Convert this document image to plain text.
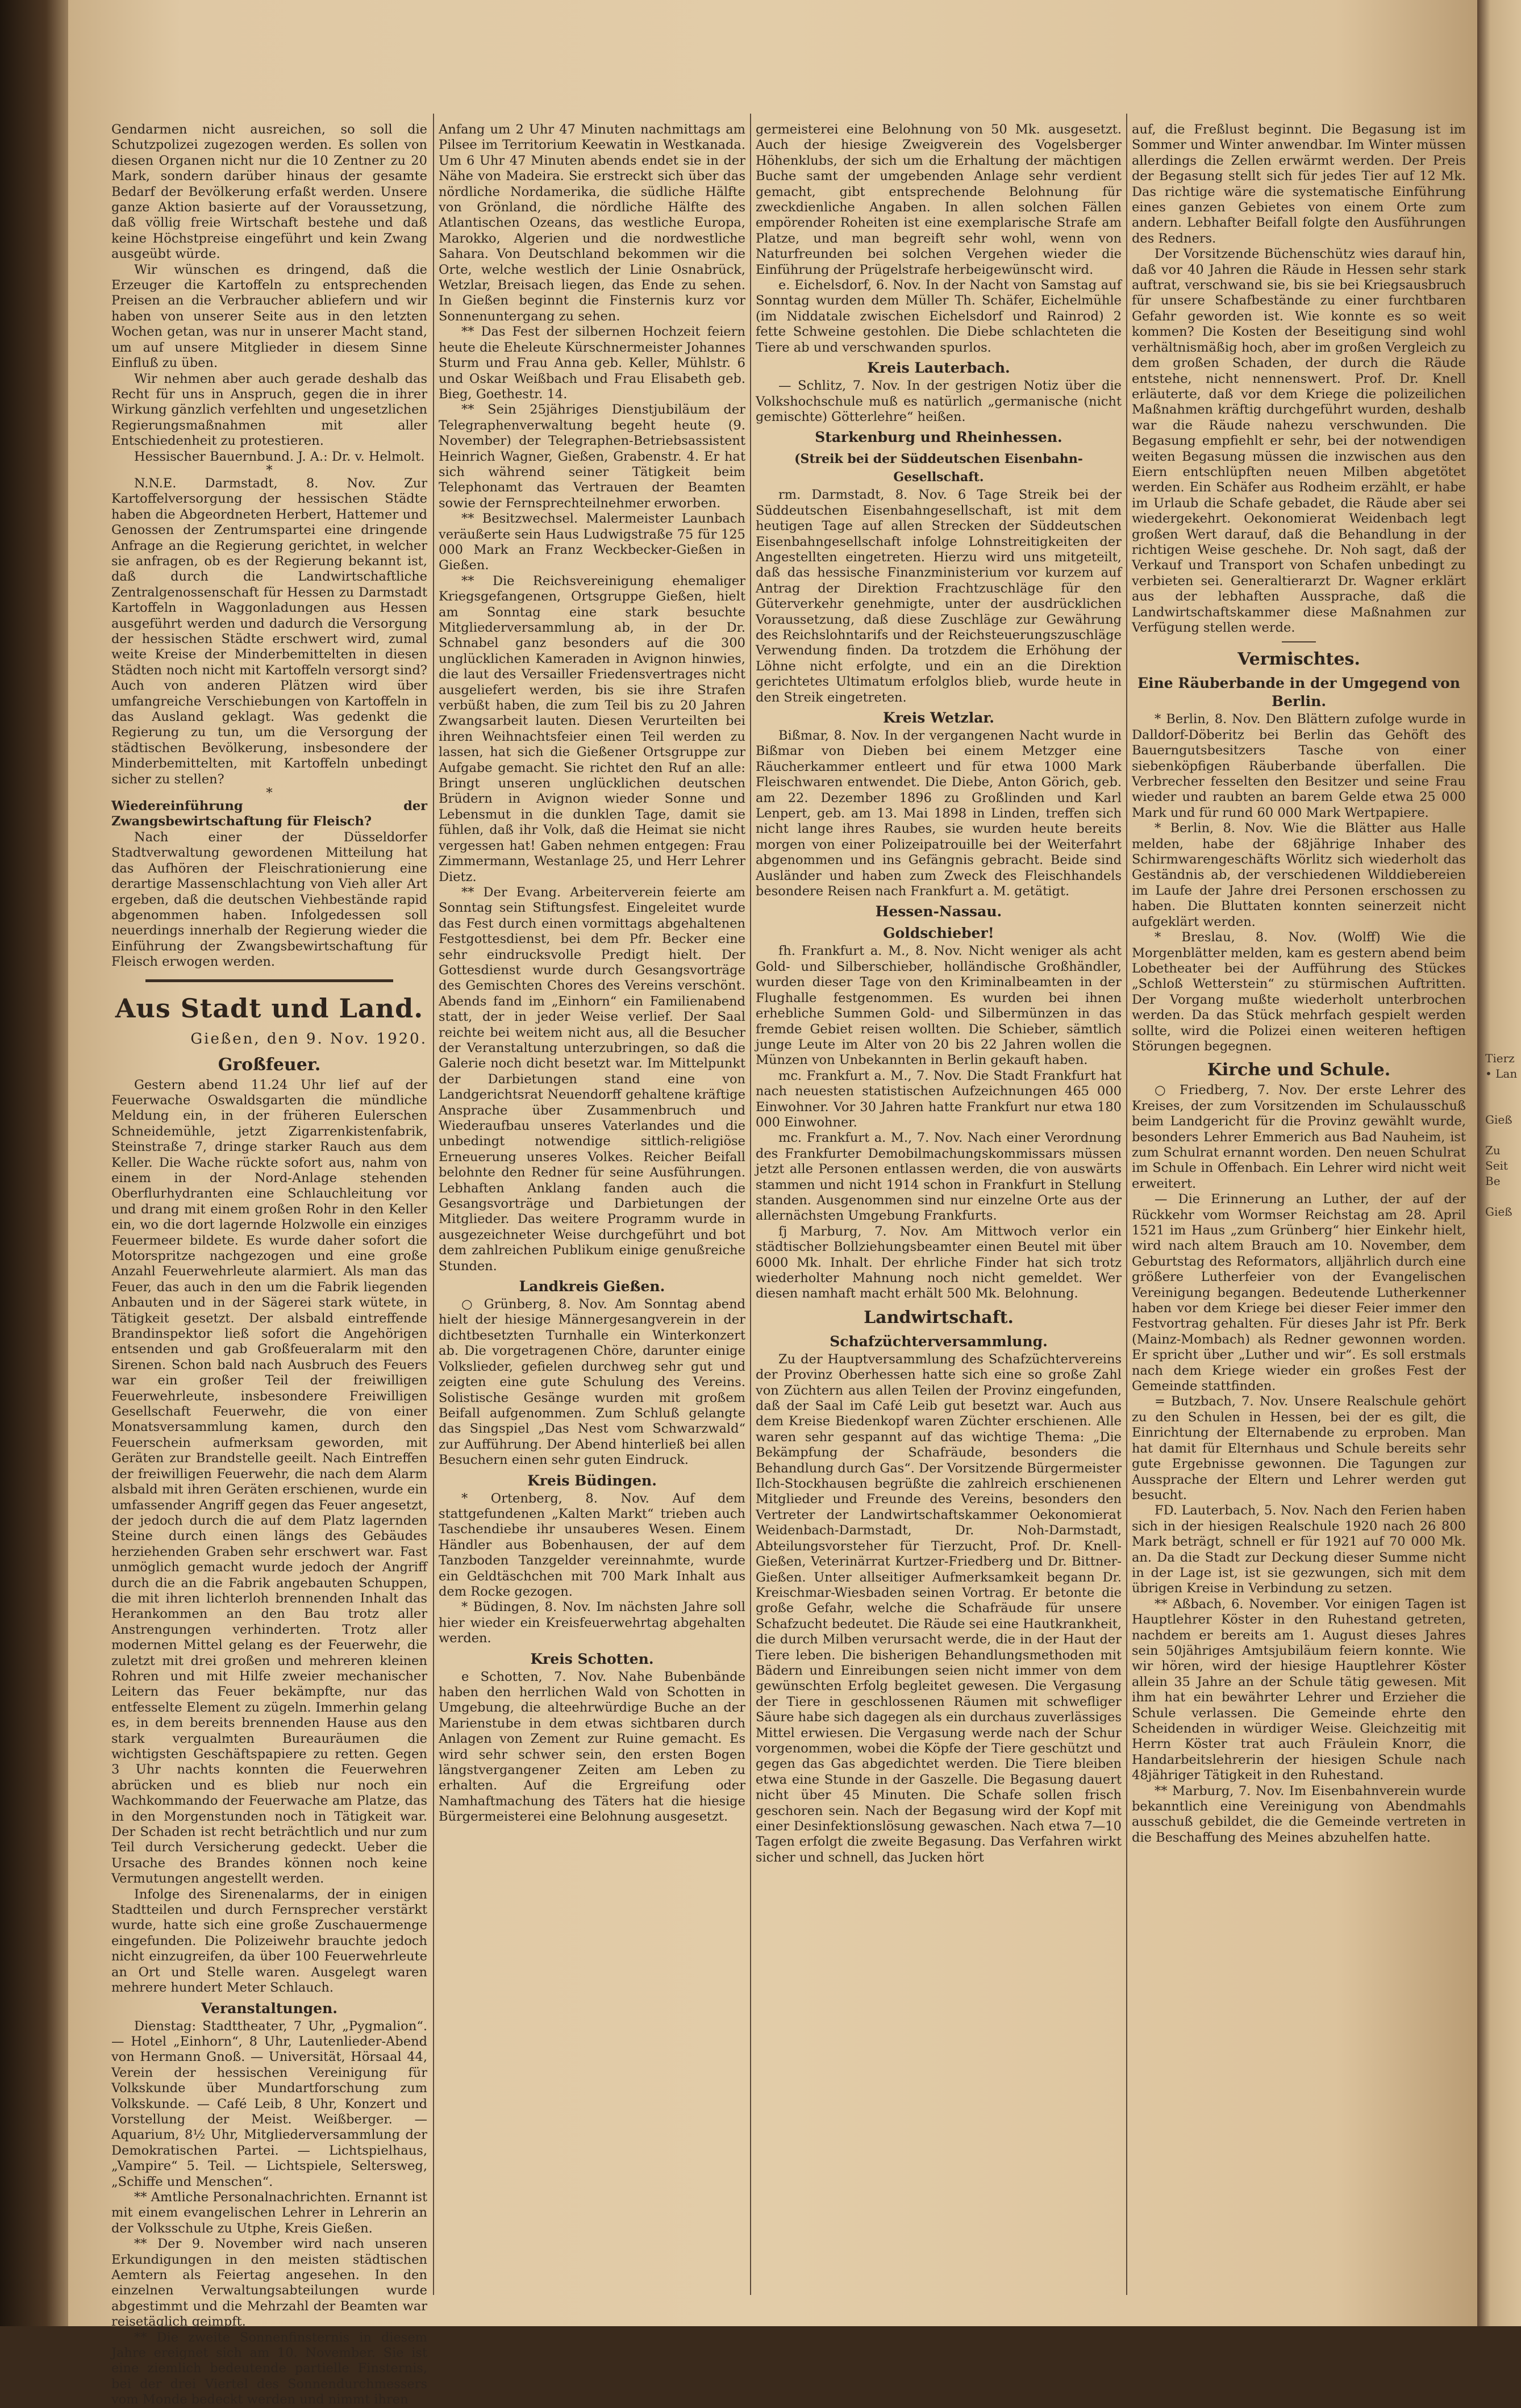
Tierz
• Lan

Gieß

Zu
Seit
Be

Gieß

Gendarmen nicht ausreichen, so soll die Schutzpolizei zugezogen werden. Es sollen von diesen Organen nicht nur die 10 Zentner zu 20 Mark, sondern darüber hinaus der gesamte Bedarf der Bevölkerung erfaßt werden. Unsere ganze Aktion basierte auf der Voraussetzung, daß völlig freie Wirtschaft bestehe und daß keine Höchstpreise eingeführt und kein Zwang ausgeübt würde.

Wir wünschen es dringend, daß die Erzeuger die Kartoffeln zu entsprechenden Preisen an die Verbraucher abliefern und wir haben von unserer Seite aus in den letzten Wochen getan, was nur in unserer Macht stand, um auf unsere Mitglieder in diesem Sinne Einfluß zu üben.

Wir nehmen aber auch gerade deshalb das Recht für uns in Anspruch, gegen die in ihrer Wirkung gänzlich verfehlten und ungesetzlichen Regierungsmaßnahmen mit aller Entschiedenheit zu protestieren.

Hessischer Bauernbund. J. A.: Dr. v. Helmolt.

*

N.N.E. Darmstadt, 8. Nov. Zur Kartoffelversorgung der hessischen Städte haben die Abgeordneten Herbert, Hattemer und Genossen der Zentrumspartei eine dringende Anfrage an die Regierung gerichtet, in welcher sie anfragen, ob es der Regierung bekannt ist, daß durch die Landwirtschaftliche Zentralgenossenschaft für Hessen zu Darmstadt Kartoffeln in Waggonladungen aus Hessen ausgeführt werden und dadurch die Versorgung der hessischen Städte erschwert wird, zumal weite Kreise der Minderbemittelten in diesen Städten noch nicht mit Kartoffeln versorgt sind? Auch von anderen Plätzen wird über umfangreiche Verschiebungen von Kartoffeln in das Ausland geklagt. Was gedenkt die Regierung zu tun, um die Versorgung der städtischen Bevölkerung, insbesondere der Minderbemittelten, mit Kartoffeln unbedingt sicher zu stellen?

*

Wiedereinführung der Zwangsbewirtschaftung für Fleisch?

Nach einer der Düsseldorfer Stadtverwaltung gewordenen Mitteilung hat das Aufhören der Fleischrationierung eine derartige Massenschlachtung von Vieh aller Art ergeben, daß die deutschen Viehbestände rapid abgenommen haben. Infolgedessen soll neuerdings innerhalb der Regierung wieder die Einführung der Zwangsbewirtschaftung für Fleisch erwogen werden.

Aus Stadt und Land.
Gießen, den 9. Nov. 1920.
Großfeuer.

Gestern abend 11.24 Uhr lief auf der Feuerwache Oswaldsgarten die mündliche Meldung ein, in der früheren Eulerschen Schneidemühle, jetzt Zigarrenkistenfabrik, Steinstraße 7, dringe starker Rauch aus dem Keller. Die Wache rückte sofort aus, nahm von einem in der Nord-Anlage stehenden Oberflurhydranten eine Schlauchleitung vor und drang mit einem großen Rohr in den Keller ein, wo die dort lagernde Holzwolle ein einziges Feuermeer bildete. Es wurde daher sofort die Motorspritze nachgezogen und eine große Anzahl Feuerwehrleute alarmiert. Als man das Feuer, das auch in den um die Fabrik liegenden Anbauten und in der Sägerei stark wütete, in Tätigkeit gesetzt. Der alsbald eintreffende Brandinspektor ließ sofort die Angehörigen entsenden und gab Großfeueralarm mit den Sirenen. Schon bald nach Ausbruch des Feuers war ein großer Teil der freiwilligen Feuerwehrleute, insbesondere Freiwilligen Gesellschaft Feuerwehr, die von einer Monatsversammlung kamen, durch den Feuerschein aufmerksam geworden, mit Geräten zur Brandstelle geeilt. Nach Eintreffen der freiwilligen Feuerwehr, die nach dem Alarm alsbald mit ihren Geräten erschienen, wurde ein umfassender Angriff gegen das Feuer angesetzt, der jedoch durch die auf dem Platz lagernden Steine durch einen längs des Gebäudes herziehenden Graben sehr erschwert war. Fast unmöglich gemacht wurde jedoch der Angriff durch die an die Fabrik angebauten Schuppen, die mit ihren lichterloh brennenden Inhalt das Herankommen an den Bau trotz aller Anstrengungen verhinderten. Trotz aller modernen Mittel gelang es der Feuerwehr, die zuletzt mit drei großen und mehreren kleinen Rohren und mit Hilfe zweier mechanischer Leitern das Feuer bekämpfte, nur das entfesselte Element zu zügeln. Immerhin gelang es, in dem bereits brennenden Hause aus den stark vergualmten Bureauräumen die wichtigsten Geschäftspapiere zu retten. Gegen 3 Uhr nachts konnten die Feuerwehren abrücken und es blieb nur noch ein Wachkommando der Feuerwache am Platze, das in den Morgenstunden noch in Tätigkeit war. Der Schaden ist recht beträchtlich und nur zum Teil durch Versicherung gedeckt. Ueber die Ursache des Brandes können noch keine Vermutungen angestellt werden.

Infolge des Sirenenalarms, der in einigen Stadtteilen und durch Fernsprecher verstärkt wurde, hatte sich eine große Zuschauermenge eingefunden. Die Polizeiwehr brauchte jedoch nicht einzugreifen, da über 100 Feuerwehrleute an Ort und Stelle waren. Ausgelegt waren mehrere hundert Meter Schlauch.

Veranstaltungen.

Dienstag: Stadttheater, 7 Uhr, „Pygmalion“. — Hotel „Einhorn“, 8 Uhr, Lautenlieder-Abend von Hermann Gnoß. — Universität, Hörsaal 44, Verein der hessischen Vereinigung für Volkskunde über Mundartforschung zum Volkskunde. — Café Leib, 8 Uhr, Konzert und Vorstellung der Meist. Weißberger. — Aquarium, 8½ Uhr, Mitgliederversammlung der Demokratischen Partei. — Lichtspielhaus, „Vampire“ 5. Teil. — Lichtspiele, Seltersweg, „Schiffe und Menschen“.

** Amtliche Personalnachrichten. Ernannt ist mit einem evangelischen Lehrer in Lehrerin an der Volksschule zu Utphe, Kreis Gießen.

** Der 9. November wird nach unseren Erkundigungen in den meisten städtischen Aemtern als Feiertag angesehen. In den einzelnen Verwaltungsabteilungen wurde abgestimmt und die Mehrzahl der Beamten war reisetäglich geimpft.

** Die zweite Sonnenfinsternis in diesem Jahre ereignet sich am 10. November. Sie ist eine ziemlich bedeutende partielle Finsternis, bei der drei Viertel des Sonnendurchmessers vom Monde bedeckt werden und nimmt ihren

Anfang um 2 Uhr 47 Minuten nachmittags am Pilsee im Territorium Keewatin in Westkanada. Um 6 Uhr 47 Minuten abends endet sie in der Nähe von Madeira. Sie erstreckt sich über das nördliche Nordamerika, die südliche Hälfte von Grönland, die nördliche Hälfte des Atlantischen Ozeans, das westliche Europa, Marokko, Algerien und die nordwestliche Sahara. Von Deutschland bekommen wir die Orte, welche westlich der Linie Osnabrück, Wetzlar, Breisach liegen, das Ende zu sehen. In Gießen beginnt die Finsternis kurz vor Sonnenuntergang zu sehen.

** Das Fest der silbernen Hochzeit feiern heute die Eheleute Kürschnermeister Johannes Sturm und Frau Anna geb. Keller, Mühlstr. 6 und Oskar Weißbach und Frau Elisabeth geb. Bieg, Goethestr. 14.

** Sein 25jähriges Dienstjubiläum der Telegraphenverwaltung begeht heute (9. November) der Telegraphen-Betriebsassistent Heinrich Wagner, Gießen, Grabenstr. 4. Er hat sich während seiner Tätigkeit beim Telephonamt das Vertrauen der Beamten sowie der Fernsprechteilnehmer erworben.

** Besitzwechsel. Malermeister Launbach veräußerte sein Haus Ludwigstraße 75 für 125 000 Mark an Franz Weckbecker-Gießen in Gießen.

** Die Reichsvereinigung ehemaliger Kriegsgefangenen, Ortsgruppe Gießen, hielt am Sonntag eine stark besuchte Mitgliederversammlung ab, in der Dr. Schnabel ganz besonders auf die 300 unglücklichen Kameraden in Avignon hinwies, die laut des Versailler Friedensvertrages nicht ausgeliefert werden, bis sie ihre Strafen verbüßt haben, die zum Teil bis zu 20 Jahren Zwangsarbeit lauten. Diesen Verurteilten bei ihren Weihnachtsfeier einen Teil werden zu lassen, hat sich die Gießener Ortsgruppe zur Aufgabe gemacht. Sie richtet den Ruf an alle: Bringt unseren unglücklichen deutschen Brüdern in Avignon wieder Sonne und Lebensmut in die dunklen Tage, damit sie fühlen, daß ihr Volk, daß die Heimat sie nicht vergessen hat! Gaben nehmen entgegen: Frau Zimmermann, Westanlage 25, und Herr Lehrer Dietz.

** Der Evang. Arbeiterverein feierte am Sonntag sein Stiftungsfest. Eingeleitet wurde das Fest durch einen vormittags abgehaltenen Festgottesdienst, bei dem Pfr. Becker eine sehr eindrucksvolle Predigt hielt. Der Gottesdienst wurde durch Gesangsvorträge des Gemischten Chores des Vereins verschönt. Abends fand im „Einhorn“ ein Familienabend statt, der in jeder Weise verlief. Der Saal reichte bei weitem nicht aus, all die Besucher der Veranstaltung unterzubringen, so daß die Galerie noch dicht besetzt war. Im Mittelpunkt der Darbietungen stand eine von Landgerichtsrat Neuendorff gehaltene kräftige Ansprache über Zusammenbruch und Wiederaufbau unseres Vaterlandes und die unbedingt notwendige sittlich-religiöse Erneuerung unseres Volkes. Reicher Beifall belohnte den Redner für seine Ausführungen. Lebhaften Anklang fanden auch die Gesangsvorträge und Darbietungen der Mitglieder. Das weitere Programm wurde in ausgezeichneter Weise durchgeführt und bot dem zahlreichen Publikum einige genußreiche Stunden.

Landkreis Gießen.

○ Grünberg, 8. Nov. Am Sonntag abend hielt der hiesige Männergesangverein in der dichtbesetzten Turnhalle ein Winterkonzert ab. Die vorgetragenen Chöre, darunter einige Volkslieder, gefielen durchweg sehr gut und zeigten eine gute Schulung des Vereins. Solistische Gesänge wurden mit großem Beifall aufgenommen. Zum Schluß gelangte das Singspiel „Das Nest vom Schwarzwald“ zur Aufführung. Der Abend hinterließ bei allen Besuchern einen sehr guten Eindruck.

Kreis Büdingen.

* Ortenberg, 8. Nov. Auf dem stattgefundenen „Kalten Markt“ trieben auch Taschendiebe ihr unsauberes Wesen. Einem Händler aus Bobenhausen, der auf dem Tanzboden Tanzgelder vereinnahmte, wurde ein Geldtäschchen mit 700 Mark Inhalt aus dem Rocke gezogen.

* Büdingen, 8. Nov. Im nächsten Jahre soll hier wieder ein Kreisfeuerwehrtag abgehalten werden.

Kreis Schotten.

e Schotten, 7. Nov. Nahe Bubenbände haben den herrlichen Wald von Schotten in Umgebung, die alteehrwürdige Buche an der Marienstube in dem etwas sichtbaren durch Anlagen von Zement zur Ruine gemacht. Es wird sehr schwer sein, den ersten Bogen längstvergangener Zeiten am Leben zu erhalten. Auf die Ergreifung oder Namhaftmachung des Täters hat die hiesige Bürgermeisterei eine Belohnung ausgesetzt.

germeisterei eine Belohnung von 50 Mk. ausgesetzt. Auch der hiesige Zweigverein des Vogelsberger Höhenklubs, der sich um die Erhaltung der mächtigen Buche samt der umgebenden Anlage sehr verdient gemacht, gibt entsprechende Belohnung für zweckdienliche Angaben. In allen solchen Fällen empörender Roheiten ist eine exemplarische Strafe am Platze, und man begreift sehr wohl, wenn von Naturfreunden bei solchen Vergehen wieder die Einführung der Prügelstrafe herbeigewünscht wird.

e. Eichelsdorf, 6. Nov. In der Nacht von Samstag auf Sonntag wurden dem Müller Th. Schäfer, Eichelmühle (im Niddatale zwischen Eichelsdorf und Rainrod) 2 fette Schweine gestohlen. Die Diebe schlachteten die Tiere ab und verschwanden spurlos.

Kreis Lauterbach.

— Schlitz, 7. Nov. In der gestrigen Notiz über die Volkshochschule muß es natürlich „germanische (nicht gemischte) Götterlehre“ heißen.

Starkenburg und Rheinhessen.
(Streik bei der Süddeutschen Eisenbahn-Gesellschaft.

rm. Darmstadt, 8. Nov. 6 Tage Streik bei der Süddeutschen Eisenbahngesellschaft, ist mit dem heutigen Tage auf allen Strecken der Süddeutschen Eisenbahngesellschaft infolge Lohnstreitigkeiten der Angestellten eingetreten. Hierzu wird uns mitgeteilt, daß das hessische Finanzministerium vor kurzem auf Antrag der Direktion Frachtzuschläge für den Güterverkehr genehmigte, unter der ausdrücklichen Voraussetzung, daß diese Zuschläge zur Gewährung des Reichslohntarifs und der Reichsteuerungszuschläge Verwendung finden. Da trotzdem die Erhöhung der Löhne nicht erfolgte, und ein an die Direktion gerichtetes Ultimatum erfolglos blieb, wurde heute in den Streik eingetreten.

Kreis Wetzlar.

Bißmar, 8. Nov. In der vergangenen Nacht wurde in Bißmar von Dieben bei einem Metzger eine Räucherkammer entleert und für etwa 1000 Mark Fleischwaren entwendet. Die Diebe, Anton Görich, geb. am 22. Dezember 1896 zu Großlinden und Karl Lenpert, geb. am 13. Mai 1898 in Linden, treffen sich nicht lange ihres Raubes, sie wurden heute bereits morgen von einer Polizeipatrouille bei der Weiterfahrt abgenommen und ins Gefängnis gebracht. Beide sind Ausländer und haben zum Zweck des Fleischhandels besondere Reisen nach Frankfurt a. M. getätigt.

Hessen-Nassau.
Goldschieber!

fh. Frankfurt a. M., 8. Nov. Nicht weniger als acht Gold- und Silberschieber, holländische Großhändler, wurden dieser Tage von den Kriminalbeamten in der Flughalle festgenommen. Es wurden bei ihnen erhebliche Summen Gold- und Silbermünzen in das fremde Gebiet reisen wollten. Die Schieber, sämtlich junge Leute im Alter von 20 bis 22 Jahren wollen die Münzen von Unbekannten in Berlin gekauft haben.

mc. Frankfurt a. M., 7. Nov. Die Stadt Frankfurt hat nach neuesten statistischen Aufzeichnungen 465 000 Einwohner. Vor 30 Jahren hatte Frankfurt nur etwa 180 000 Einwohner.

mc. Frankfurt a. M., 7. Nov. Nach einer Verordnung des Frankfurter Demobilmachungskommissars müssen jetzt alle Personen entlassen werden, die von auswärts stammen und nicht 1914 schon in Frankfurt in Stellung standen. Ausgenommen sind nur einzelne Orte aus der allernächsten Umgebung Frankfurts.

fj Marburg, 7. Nov. Am Mittwoch verlor ein städtischer Bollziehungsbeamter einen Beutel mit über 6000 Mk. Inhalt. Der ehrliche Finder hat sich trotz wiederholter Mahnung noch nicht gemeldet. Wer diesen namhaft macht erhält 500 Mk. Belohnung.

Landwirtschaft.
Schafzüchterversammlung.

Zu der Hauptversammlung des Schafzüchtervereins der Provinz Oberhessen hatte sich eine so große Zahl von Züchtern aus allen Teilen der Provinz eingefunden, daß der Saal im Café Leib gut besetzt war. Auch aus dem Kreise Biedenkopf waren Züchter erschienen. Alle waren sehr gespannt auf das wichtige Thema: „Die Bekämpfung der Schafräude, besonders die Behandlung durch Gas“. Der Vorsitzende Bürgermeister Ilch-Stockhausen begrüßte die zahlreich erschienenen Mitglieder und Freunde des Vereins, besonders den Vertreter der Landwirtschaftskammer Oekonomierat Weidenbach-Darmstadt, Dr. Noh-Darmstadt, Abteilungsvorsteher für Tierzucht, Prof. Dr. Knell-Gießen, Veterinärrat Kurtzer-Friedberg und Dr. Bittner-Gießen. Unter allseitiger Aufmerksamkeit begann Dr. Kreischmar-Wiesbaden seinen Vortrag. Er betonte die große Gefahr, welche die Schafräude für unsere Schafzucht bedeutet. Die Räude sei eine Hautkrankheit, die durch Milben verursacht werde, die in der Haut der Tiere leben. Die bisherigen Behandlungsmethoden mit Bädern und Einreibungen seien nicht immer von dem gewünschten Erfolg begleitet gewesen. Die Vergasung der Tiere in geschlossenen Räumen mit schwefliger Säure habe sich dagegen als ein durchaus zuverlässiges Mittel erwiesen. Die Vergasung werde nach der Schur vorgenommen, wobei die Köpfe der Tiere geschützt und gegen das Gas abgedichtet werden. Die Tiere bleiben etwa eine Stunde in der Gaszelle. Die Begasung dauert nicht über 45 Minuten. Die Schafe sollen frisch geschoren sein. Nach der Begasung wird der Kopf mit einer Desinfektionslösung gewaschen. Nach etwa 7—10 Tagen erfolgt die zweite Begasung. Das Verfahren wirkt sicher und schnell, das Jucken hört

auf, die Freßlust beginnt. Die Begasung ist im Sommer und Winter anwendbar. Im Winter müssen allerdings die Zellen erwärmt werden. Der Preis der Begasung stellt sich für jedes Tier auf 12 Mk. Das richtige wäre die systematische Einführung eines ganzen Gebietes von einem Orte zum andern. Lebhafter Beifall folgte den Ausführungen des Redners.

Der Vorsitzende Büchenschütz wies darauf hin, daß vor 40 Jahren die Räude in Hessen sehr stark auftrat, verschwand sie, bis sie bei Kriegsausbruch für unsere Schafbestände zu einer furchtbaren Gefahr geworden ist. Wie konnte es so weit kommen? Die Kosten der Beseitigung sind wohl verhältnismäßig hoch, aber im großen Vergleich zu dem großen Schaden, der durch die Räude entstehe, nicht nennenswert. Prof. Dr. Knell erläuterte, daß vor dem Kriege die polizeilichen Maßnahmen kräftig durchgeführt wurden, deshalb war die Räude nahezu verschwunden. Die Begasung empfiehlt er sehr, bei der notwendigen weiten Begasung müssen die inzwischen aus den Eiern entschlüpften neuen Milben abgetötet werden. Ein Schäfer aus Rodheim erzählt, er habe im Urlaub die Schafe gebadet, die Räude aber sei wiedergekehrt. Oekonomierat Weidenbach legt großen Wert darauf, daß die Behandlung in der richtigen Weise geschehe. Dr. Noh sagt, daß der Verkauf und Transport von Schafen unbedingt zu verbieten sei. Generaltierarzt Dr. Wagner erklärt aus der lebhaften Aussprache, daß die Landwirtschaftskammer diese Maßnahmen zur Verfügung stellen werde.

Vermischtes.
Eine Räuberbande in der Umgegend von Berlin.

* Berlin, 8. Nov. Den Blättern zufolge wurde in Dalldorf-Döberitz bei Berlin das Gehöft des Bauerngutsbesitzers Tasche von einer siebenköpfigen Räuberbande überfallen. Die Verbrecher fesselten den Besitzer und seine Frau wieder und raubten an barem Gelde etwa 25 000 Mark und für rund 60 000 Mark Wertpapiere.

* Berlin, 8. Nov. Wie die Blätter aus Halle melden, habe der 68jährige Inhaber des Schirmwarengeschäfts Wörlitz sich wiederholt das Geständnis ab, der verschiedenen Wilddiebereien im Laufe der Jahre drei Personen erschossen zu haben. Die Bluttaten konnten seinerzeit nicht aufgeklärt werden.

* Breslau, 8. Nov. (Wolff) Wie die Morgenblätter melden, kam es gestern abend beim Lobetheater bei der Aufführung des Stückes „Schloß Wetterstein“ zu stürmischen Auftritten. Der Vorgang mußte wiederholt unterbrochen werden. Da das Stück mehrfach gespielt werden sollte, wird die Polizei einen weiteren heftigen Störungen begegnen.

Kirche und Schule.

○ Friedberg, 7. Nov. Der erste Lehrer des Kreises, der zum Vorsitzenden im Schulausschuß beim Landgericht für die Provinz gewählt wurde, besonders Lehrer Emmerich aus Bad Nauheim, ist zum Schulrat ernannt worden. Den neuen Schulrat im Schule in Offenbach. Ein Lehrer wird nicht weit erweitert.

— Die Erinnerung an Luther, der auf der Rückkehr vom Wormser Reichstag am 28. April 1521 im Haus „zum Grünberg“ hier Einkehr hielt, wird nach altem Brauch am 10. November, dem Geburtstag des Reformators, alljährlich durch eine größere Lutherfeier von der Evangelischen Vereinigung begangen. Bedeutende Lutherkenner haben vor dem Kriege bei dieser Feier immer den Festvortrag gehalten. Für dieses Jahr ist Pfr. Berk (Mainz-Mombach) als Redner gewonnen worden. Er spricht über „Luther und wir“. Es soll erstmals nach dem Kriege wieder ein großes Fest der Gemeinde stattfinden.

= Butzbach, 7. Nov. Unsere Realschule gehört zu den Schulen in Hessen, bei der es gilt, die Einrichtung der Elternabende zu erproben. Man hat damit für Elternhaus und Schule bereits sehr gute Ergebnisse gewonnen. Die Tagungen zur Aussprache der Eltern und Lehrer werden gut besucht.

FD. Lauterbach, 5. Nov. Nach den Ferien haben sich in der hiesigen Realschule 1920 nach 26 800 Mark beträgt, schnell er für 1921 auf 70 000 Mk. an. Da die Stadt zur Deckung dieser Summe nicht in der Lage ist, ist sie gezwungen, sich mit dem übrigen Kreise in Verbindung zu setzen.

** Aßbach, 6. November. Vor einigen Tagen ist Hauptlehrer Köster in den Ruhestand getreten, nachdem er bereits am 1. August dieses Jahres sein 50jähriges Amtsjubiläum feiern konnte. Wie wir hören, wird der hiesige Hauptlehrer Köster allein 35 Jahre an der Schule tätig gewesen. Mit ihm hat ein bewährter Lehrer und Erzieher die Schule verlassen. Die Gemeinde ehrte den Scheidenden in würdiger Weise. Gleichzeitig mit Herrn Köster trat auch Fräulein Knorr, die Handarbeitslehrerin der hiesigen Schule nach 48jähriger Tätigkeit in den Ruhestand.

** Marburg, 7. Nov. Im Eisenbahnverein wurde bekanntlich eine Vereinigung von Abendmahls ausschuß gebildet, die die Gemeinde vertreten in die Beschaffung des Meines abzuhelfen hatte.
